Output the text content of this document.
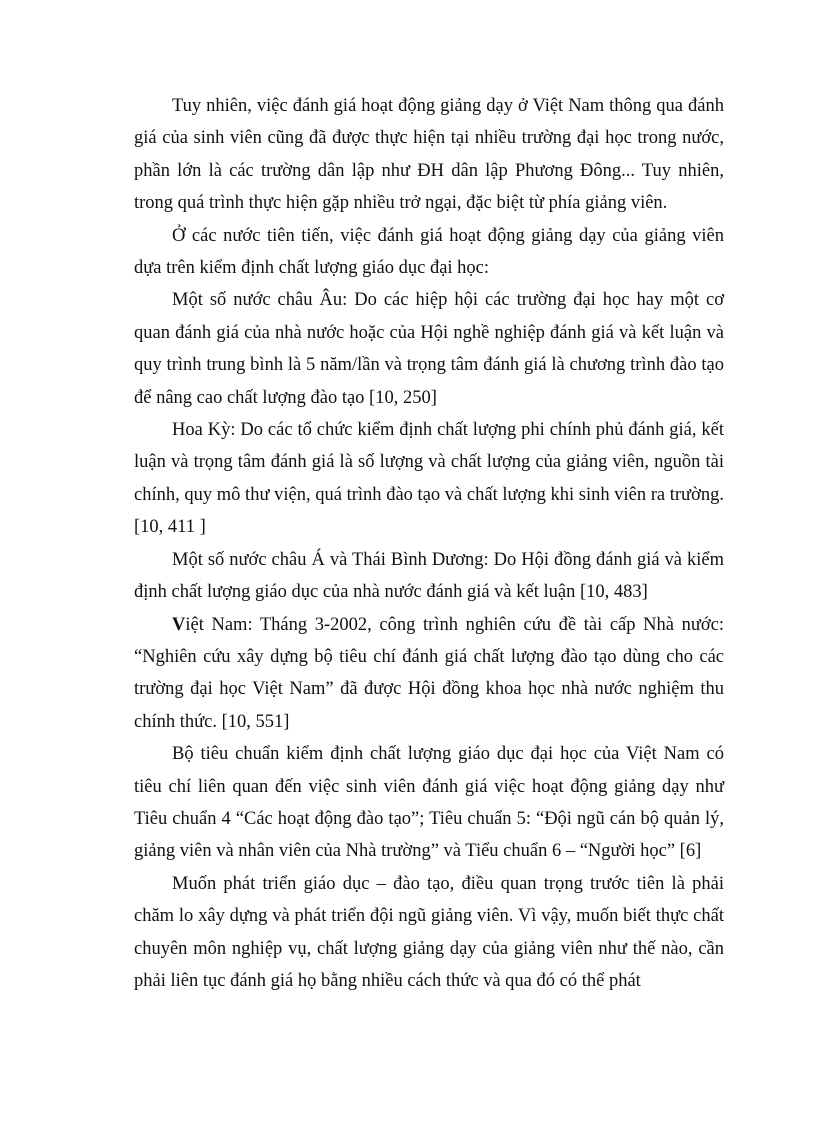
Tuy nhiên, việc đánh giá hoạt động giảng dạy ở Việt Nam thông qua đánh giá của sinh viên cũng đã được thực hiện tại nhiều trường đại học trong nước, phần lớn là các trường dân lập như ĐH dân lập Phương Đông... Tuy nhiên, trong quá trình thực hiện gặp nhiều trở ngại, đặc biệt từ phía giảng viên.

Ở các nước tiên tiến, việc đánh giá hoạt động giảng dạy của giảng viên dựa trên kiểm định chất lượng giáo dục đại học:

Một số nước châu Âu: Do các hiệp hội các trường đại học hay một cơ quan đánh giá của nhà nước hoặc của Hội nghề nghiệp đánh giá và kết luận và quy trình trung bình là 5 năm/lần và trọng tâm đánh giá là chương trình đào tạo để nâng cao chất lượng đào tạo [10, 250]

Hoa Kỳ: Do các tổ chức kiểm định chất lượng phi chính phủ đánh giá, kết luận và trọng tâm đánh giá là số lượng và chất lượng của giảng viên, nguồn tài chính, quy mô thư viện, quá trình đào tạo và chất lượng khi sinh viên ra trường. [10, 411 ]

Một số nước châu Á và Thái Bình Dương: Do Hội đồng đánh giá và kiểm định chất lượng giáo dục của nhà nước đánh giá và kết luận [10, 483]

Việt Nam: Tháng 3-2002, công trình nghiên cứu đề tài cấp Nhà nước: “Nghiên cứu xây dựng bộ tiêu chí đánh giá chất lượng đào tạo dùng cho các trường đại học Việt Nam” đã được Hội đồng khoa học nhà nước nghiệm thu chính thức. [10, 551]

Bộ tiêu chuẩn kiểm định chất lượng giáo dục đại học của Việt Nam có tiêu chí liên quan đến việc sinh viên đánh giá việc hoạt động giảng dạy như Tiêu chuẩn 4 “Các hoạt động đào tạo”; Tiêu chuẩn 5: “Đội ngũ cán bộ quản lý, giảng viên và nhân viên của Nhà trường” và Tiểu chuẩn 6 – “Người học” [6]

Muốn phát triển giáo dục – đào tạo, điều quan trọng trước tiên là phải chăm lo xây dựng và phát triển đội ngũ giảng viên. Vì vậy, muốn biết thực chất chuyên môn nghiệp vụ, chất lượng giảng dạy của giảng viên như thế nào, cần phải liên tục đánh giá họ bằng nhiều cách thức và qua đó có thể phát
